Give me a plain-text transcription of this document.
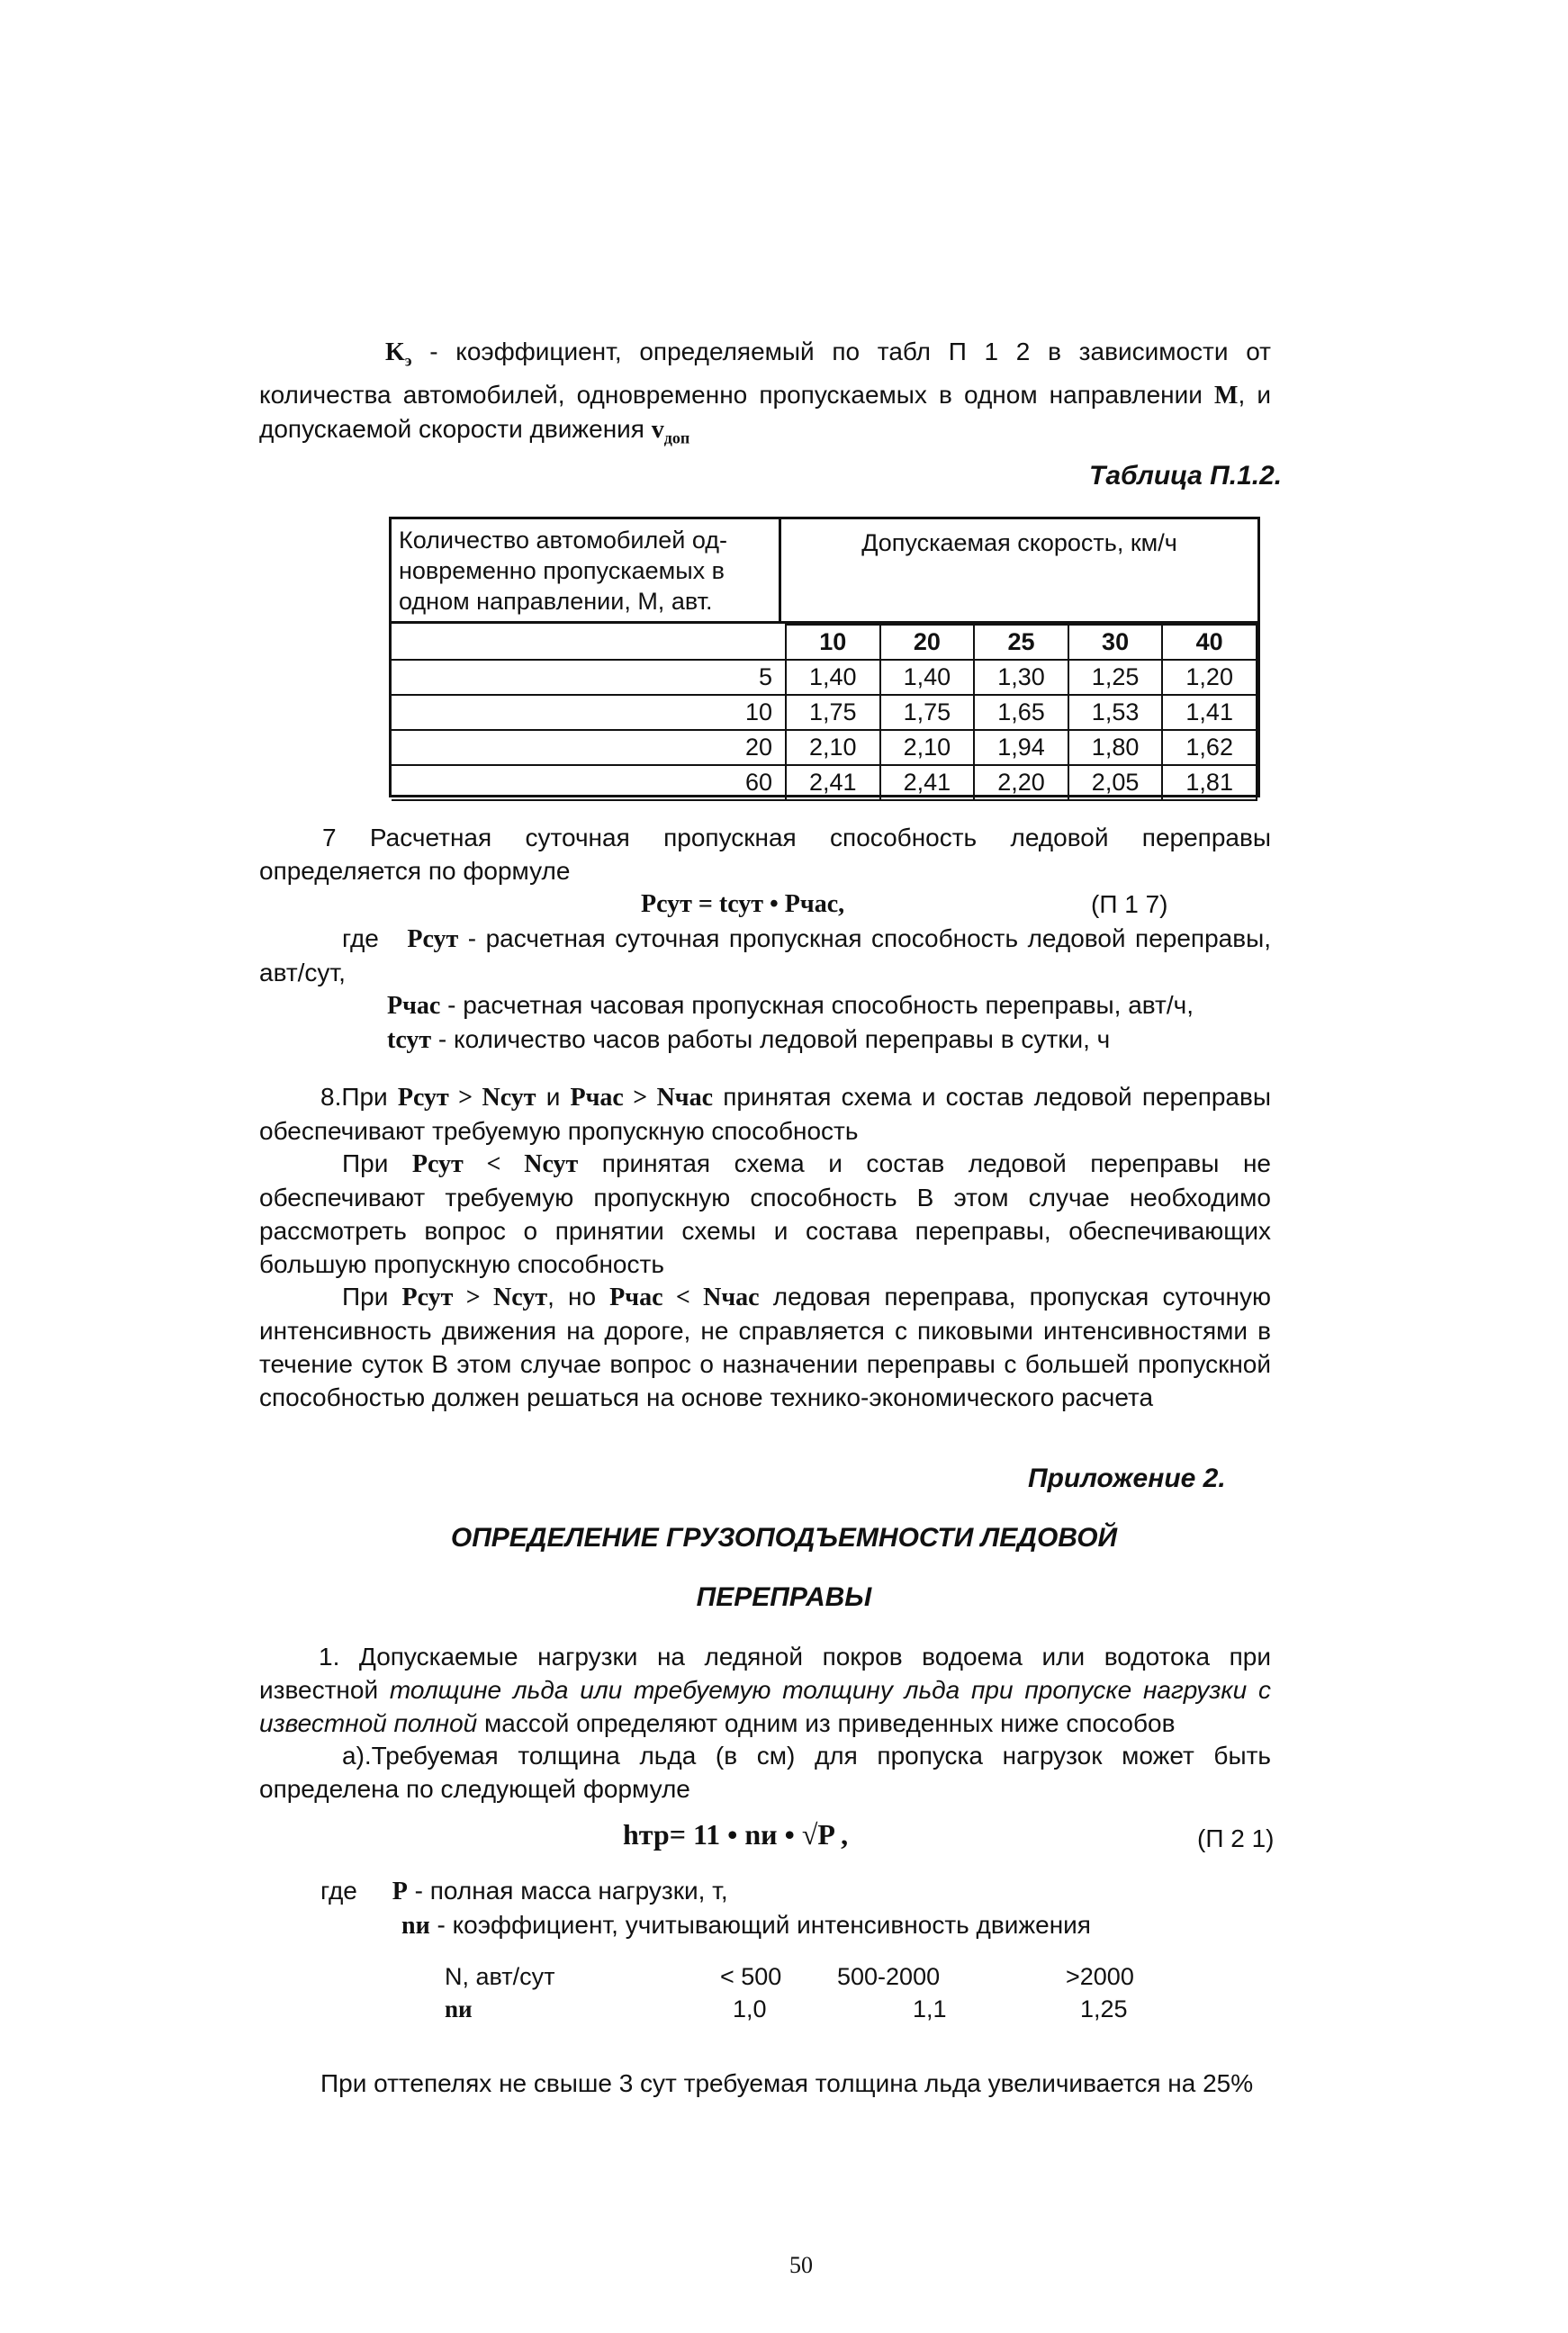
$K_э$ - коэффициент, определяемый по табл П 1 2 в зависимости от количества автомобилей, одновременно пропускаемых в одном направлении M, и допускаемой скорости движения $v_{доп}$
Таблица П.1.2.
Количество автомобилей од-новременно пропускаемых в одном направлении, М, авт.
Допускаемая скорость, км/ч
	10	20	25	30	40
5	1,40	1,40	1,30	1,25	1,20
10	1,75	1,75	1,65	1,53	1,41
20	2,10	2,10	1,94	1,80	1,62
60	2,41	2,41	2,20	2,05	1,81
7 Расчетная суточная пропускная способность ледовой переправы определяется по формуле
Pсут = tсут • Pчас,	(П 1 7)
где Pсут - расчетная суточная пропускная способность ледовой переправы, авт/сут,
Pчас - расчетная часовая пропускная способность переправы, авт/ч,
tсут - количество часов работы ледовой переправы в сутки, ч
8.При Pсут > Nсут и Pчас > Nчас принятая схема и состав ледовой переправы обеспечивают требуемую пропускную способность
При Pсут < Nсут принятая схема и состав ледовой переправы не обеспечивают требуемую пропускную способность В этом случае необходимо рассмотреть вопрос о принятии схемы и состава переправы, обеспечивающих большую пропускную способность
При Pсут > Nсут, но Pчас < Nчас ледовая переправа, пропуская суточную интенсивность движения на дороге, не справляется с пиковыми интенсивностями в течение суток В этом случае вопрос о назначении переправы с большей пропускной способностью должен решаться на основе технико-экономического расчета
Приложение 2.
ОПРЕДЕЛЕНИЕ ГРУЗОПОДЪЕМНОСТИ ЛЕДОВОЙ
ПЕРЕПРАВЫ
1. Допускаемые нагрузки на ледяной покров водоема или водотока при известной толщине льда или требуемую толщину льда при пропуске нагрузки с известной полной массой определяют одним из приведенных ниже способов
а).Требуемая толщина льда (в см) для пропуска нагрузок может быть определена по следующей формуле
hтр= 11 • nи • √P ,	(П 2 1)
где P - полная масса нагрузки, т,
nи - коэффициент, учитывающий интенсивность движения
N, авт/сут	< 500 500-2000	>2000
nи	1,0	1,1	1,25
При оттепелях не свыше 3 сут требуемая толщина льда увеличивается на 25%
50
